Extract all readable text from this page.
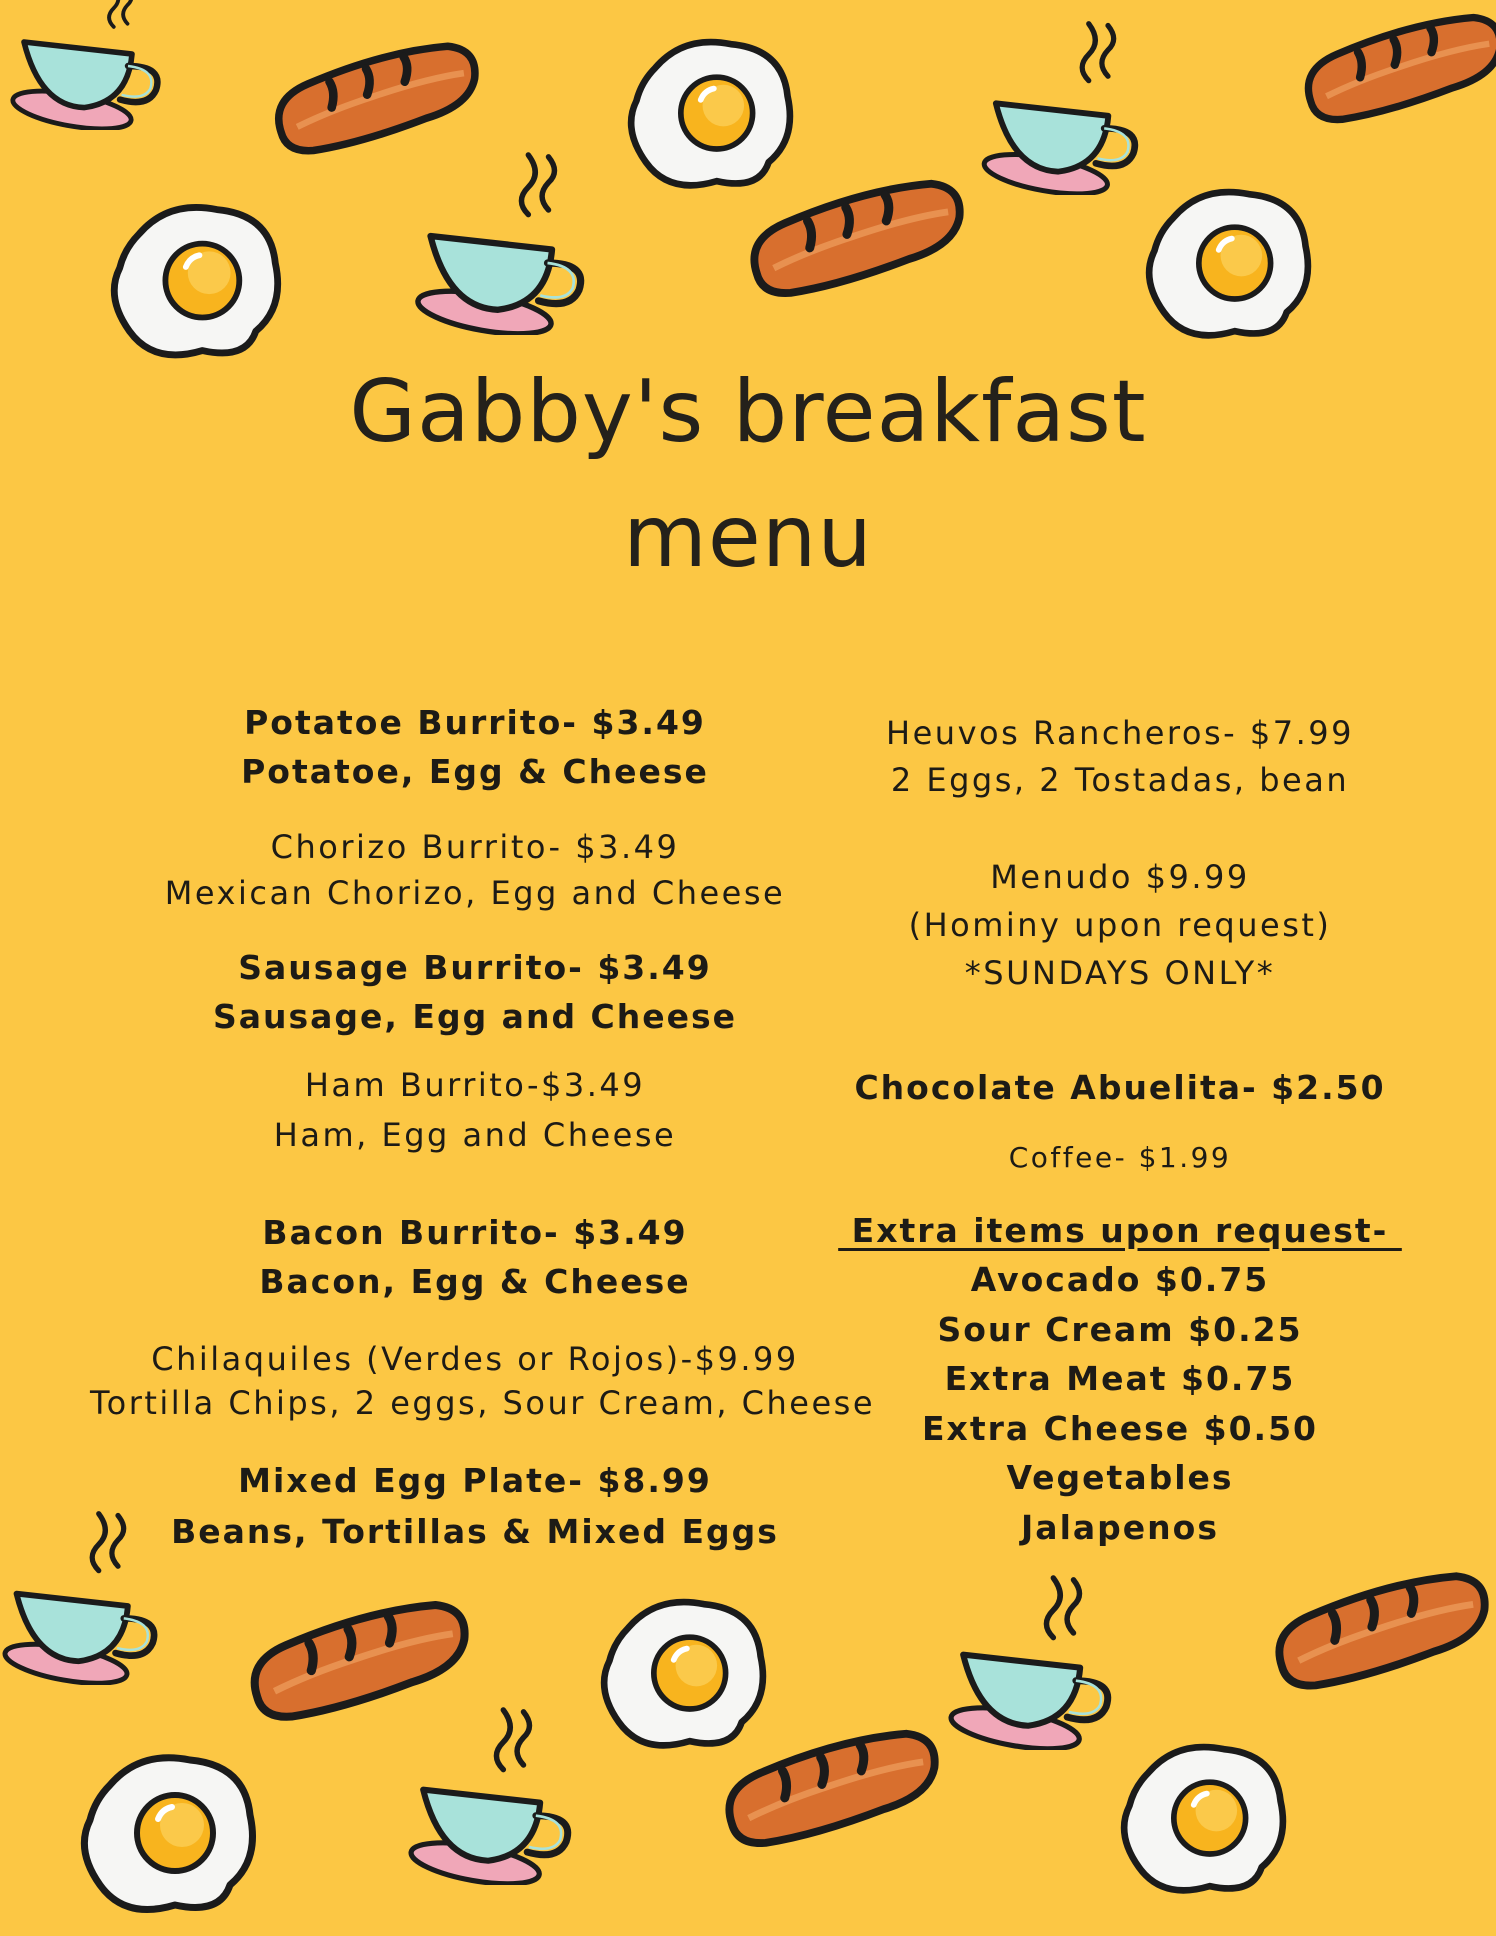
Gabby's breakfast
menu
Potatoe Burrito- $3.49
Potatoe, Egg & Cheese
Chorizo Burrito- $3.49
Mexican Chorizo, Egg and Cheese
Sausage Burrito- $3.49
Sausage, Egg and Cheese
Ham Burrito-$3.49
Ham, Egg and Cheese
Bacon Burrito- $3.49
Bacon, Egg & Cheese
Chilaquiles (Verdes or Rojos)-$9.99
Tortilla Chips, 2 eggs, Sour Cream, Cheese
Mixed Egg Plate- $8.99
Beans, Tortillas & Mixed Eggs
Heuvos Rancheros- $7.99
2 Eggs, 2 Tostadas, bean
Menudo $9.99
(Hominy upon request)
*SUNDAYS ONLY*
Chocolate Abuelita- $2.50
Coffee- $1.99
Extra items upon request-
Avocado $0.75
Sour Cream $0.25
Extra Meat $0.75
Extra Cheese $0.50
Vegetables
Jalapenos
